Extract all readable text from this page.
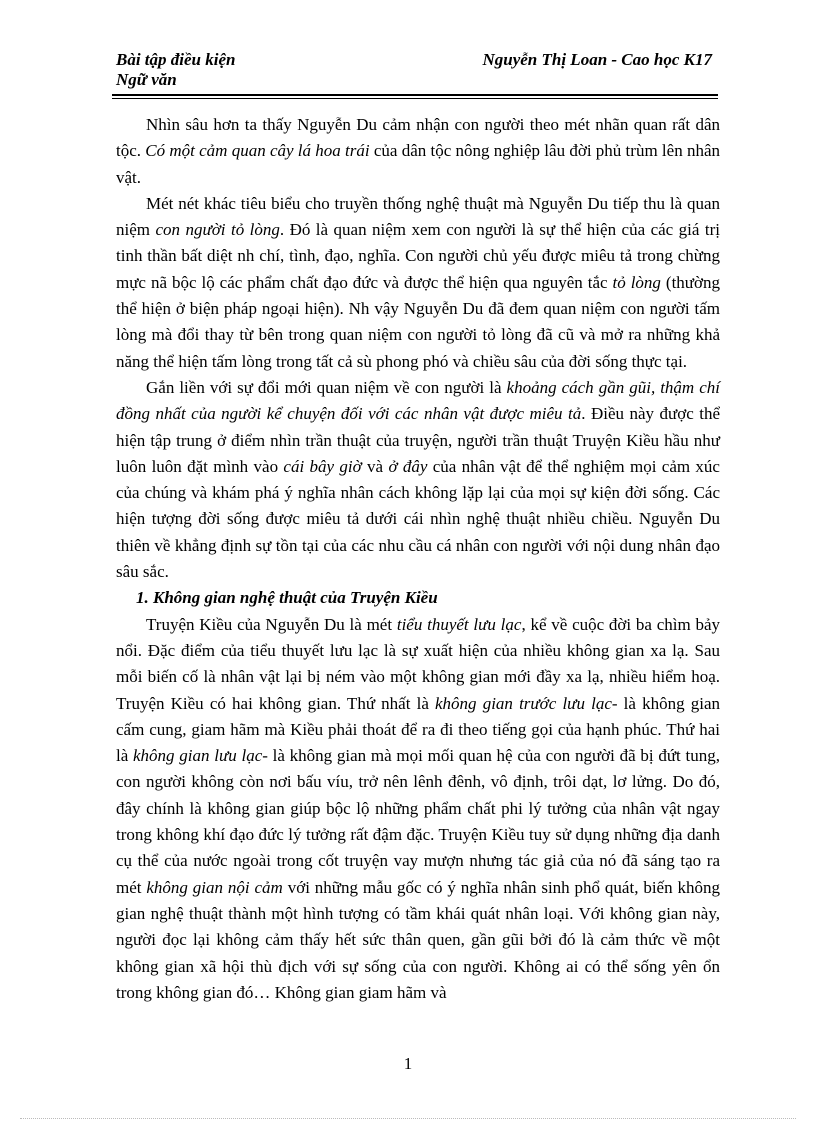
Bài tập điều kiện
Ngữ văn
Nguyễn Thị Loan - Cao học K17

Nhìn sâu hơn ta thấy Nguyễn Du cảm nhận con người theo mét nhãn quan rất dân tộc. Có một cảm quan cây lá hoa trái của dân tộc nông nghiệp lâu đời phủ trùm lên nhân vật.

Mét nét khác tiêu biểu cho truyền thống nghệ thuật mà Nguyễn Du tiếp thu là quan niệm con người tỏ lòng. Đó là quan niệm xem con người là sự thể hiện của các giá trị tinh thần bất diệt nh chí, tình, đạo, nghĩa. Con người chủ yếu được miêu tả trong chừng mực nã bộc lộ các phẩm chất đạo đức và được thể hiện qua nguyên tắc tỏ lòng (thường thể hiện ở biện pháp ngoại hiện). Nh vậy Nguyễn Du đã đem quan niệm con người tấm lòng mà đổi thay từ bên trong quan niệm con người tỏ lòng đã cũ và mở ra những khả năng thể hiện tấm lòng trong tất cả sù phong phó và chiều sâu của đời sống thực tại.

Gắn liền với sự đổi mới quan niệm về con người là khoảng cách gần gũi, thậm chí đồng nhất của người kể chuyện đối với các nhân vật được miêu tả. Điều này được thể hiện tập trung ở điểm nhìn trần thuật của truyện, người trần thuật Truyện Kiều hầu như luôn luôn đặt mình vào cái bây giờ và ở đây của nhân vật để thể nghiệm mọi cảm xúc của chúng và khám phá ý nghĩa nhân cách không lặp lại của mọi sự kiện đời sống. Các hiện tượng đời sống được miêu tả dưới cái nhìn nghệ thuật nhiều chiều. Nguyễn Du thiên về khẳng định sự tồn tại của các nhu cầu cá nhân con người với nội dung nhân đạo sâu sắc.

1. Không gian nghệ thuật của Truyện Kiều

Truyện Kiều của Nguyễn Du là mét tiểu thuyết lưu lạc, kể về cuộc đời ba chìm bảy nổi. Đặc điểm của tiểu thuyết lưu lạc là sự xuất hiện của nhiều không gian xa lạ. Sau mỗi biến cố là nhân vật lại bị ném vào một không gian mới đầy xa lạ, nhiều hiểm hoạ. Truyện Kiều có hai không gian. Thứ nhất là không gian trước lưu lạc- là không gian cấm cung, giam hãm mà Kiều phải thoát để ra đi theo tiếng gọi của hạnh phúc. Thứ hai là không gian lưu lạc- là không gian mà mọi mối quan hệ của con người đã bị đứt tung, con người không còn nơi bấu víu, trở nên lênh đênh, vô định, trôi dạt, lơ lửng. Do đó, đây chính là không gian giúp bộc lộ những phẩm chất phi lý tưởng của nhân vật ngay trong không khí đạo đức lý tưởng rất đậm đặc. Truyện Kiều tuy sử dụng những địa danh cụ thể của nước ngoài trong cốt truyện vay mượn nhưng tác giả của nó đã sáng tạo ra mét không gian nội cảm với những mẫu gốc có ý nghĩa nhân sinh phổ quát, biến không gian nghệ thuật thành một hình tượng có tầm khái quát nhân loại. Với không gian này, người đọc lại không cảm thấy hết sức thân quen, gần gũi bởi đó là cảm thức về một không gian xã hội thù địch với sự sống của con người. Không ai có thể sống yên ổn trong không gian đó… Không gian giam hãm và

1
